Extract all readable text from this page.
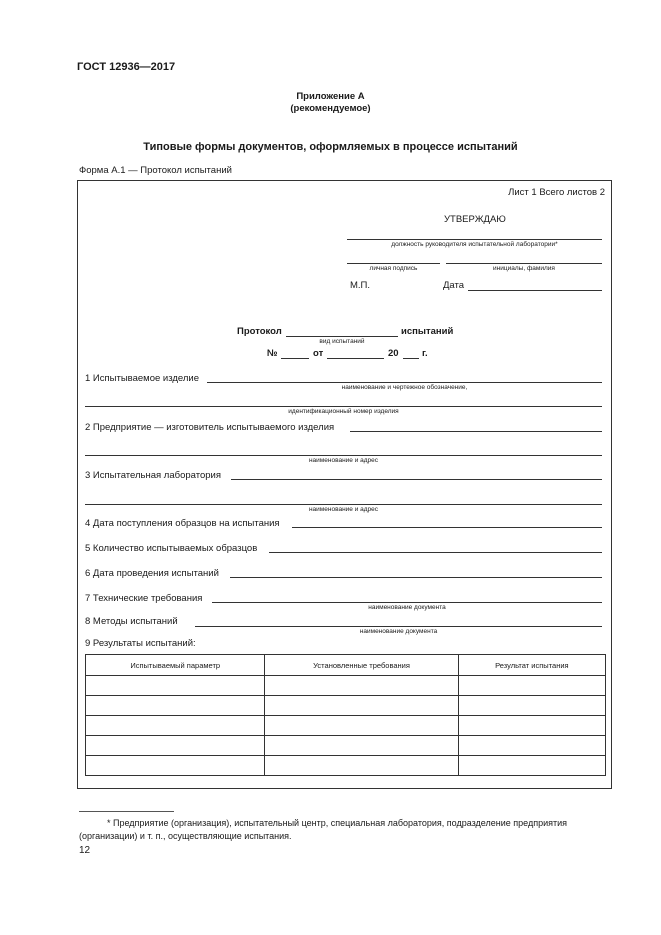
ГОСТ 12936—2017
Приложение А
(рекомендуемое)
Типовые формы документов, оформляемых в процессе испытаний
Форма А.1 — Протокол испытаний
Лист 1 Всего листов 2
УТВЕРЖДАЮ
должность руководителя испытательной лаборатории*
личная подпись	инициалы, фамилия
М.П.	Дата
Протокол	испытаний
вид испытаний
№	от	20 г.
1 Испытываемое изделие
наименование и чертежное обозначение,
идентификационный номер изделия
2 Предприятие — изготовитель испытываемого изделия
наименование и адрес
3 Испытательная лаборатория
наименование и адрес
4 Дата поступления образцов на испытания
5 Количество испытываемых образцов
6 Дата проведения испытаний
7 Технические требования
наименование документа
8 Методы испытаний
наименование документа
9 Результаты испытаний:
Испытываемый параметр	Установленные требования	Результат испытания

* Предприятие (организация), испытательный центр, специальная лаборатория, подразделение предприятия
(организации) и т. п., осуществляющие испытания.
12
